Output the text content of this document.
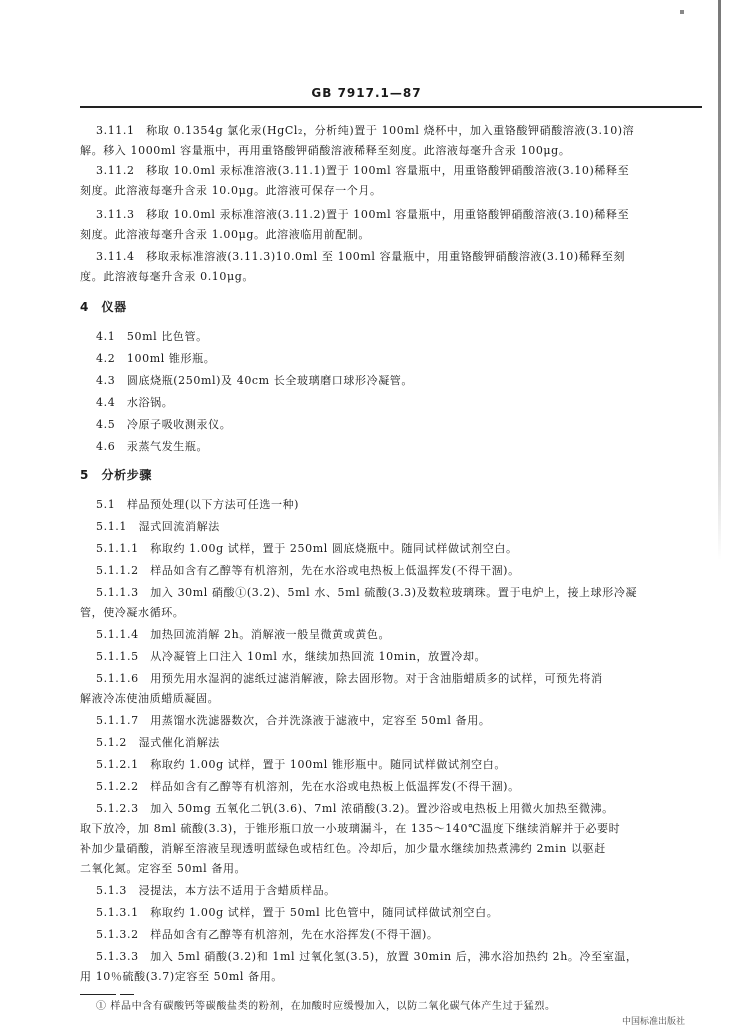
GB 7917.1—87
3.11.1　称取 0.1354g 氯化汞(HgCl₂，分析纯)置于 100ml 烧杯中，加入重铬酸钾硝酸溶液(3.10)溶
解。移入 1000ml 容量瓶中，再用重铬酸钾硝酸溶液稀释至刻度。此溶液每毫升含汞 100μg。
3.11.2　移取 10.0ml 汞标准溶液(3.11.1)置于 100ml 容量瓶中，用重铬酸钾硝酸溶液(3.10)稀释至
刻度。此溶液每毫升含汞 10.0μg。此溶液可保存一个月。
3.11.3　移取 10.0ml 汞标准溶液(3.11.2)置于 100ml 容量瓶中，用重铬酸钾硝酸溶液(3.10)稀释至
刻度。此溶液每毫升含汞 1.00μg。此溶液临用前配制。
3.11.4　移取汞标准溶液(3.11.3)10.0ml 至 100ml 容量瓶中，用重铬酸钾硝酸溶液(3.10)稀释至刻
度。此溶液每毫升含汞 0.10μg。
4　仪器
4.1　50ml 比色管。
4.2　100ml 锥形瓶。
4.3　圆底烧瓶(250ml)及 40cm 长全玻璃磨口球形冷凝管。
4.4　水浴锅。
4.5　冷原子吸收测汞仪。
4.6　汞蒸气发生瓶。
5　分析步骤
5.1　样品预处理(以下方法可任选一种)
5.1.1　湿式回流消解法
5.1.1.1　称取约 1.00g 试样，置于 250ml 圆底烧瓶中。随同试样做试剂空白。
5.1.1.2　样品如含有乙醇等有机溶剂，先在水浴或电热板上低温挥发(不得干涸)。
5.1.1.3　加入 30ml 硝酸①(3.2)、5ml 水、5ml 硫酸(3.3)及数粒玻璃珠。置于电炉上，接上球形冷凝
管，使冷凝水循环。
5.1.1.4　加热回流消解 2h。消解液一般呈微黄或黄色。
5.1.1.5　从冷凝管上口注入 10ml 水，继续加热回流 10min，放置冷却。
5.1.1.6　用预先用水湿润的滤纸过滤消解液，除去固形物。对于含油脂蜡质多的试样，可预先将消
解液冷冻使油质蜡质凝固。
5.1.1.7　用蒸馏水洗滤器数次，合并洗涤液于滤液中，定容至 50ml 备用。
5.1.2　湿式催化消解法
5.1.2.1　称取约 1.00g 试样，置于 100ml 锥形瓶中。随同试样做试剂空白。
5.1.2.2　样品如含有乙醇等有机溶剂，先在水浴或电热板上低温挥发(不得干涸)。
5.1.2.3　加入 50mg 五氧化二钒(3.6)、7ml 浓硝酸(3.2)。置沙浴或电热板上用微火加热至微沸。
取下放冷，加 8ml 硫酸(3.3)，于锥形瓶口放一小玻璃漏斗，在 135～140℃温度下继续消解并于必要时
补加少量硝酸，消解至溶液呈现透明蓝绿色或桔红色。冷却后，加少量水继续加热煮沸约 2min 以驱赶
二氧化氮。定容至 50ml 备用。
5.1.3　浸提法，本方法不适用于含蜡质样品。
5.1.3.1　称取约 1.00g 试样，置于 50ml 比色管中，随同试样做试剂空白。
5.1.3.2　样品如含有乙醇等有机溶剂，先在水浴挥发(不得干涸)。
5.1.3.3　加入 5ml 硝酸(3.2)和 1ml 过氧化氢(3.5)，放置 30min 后，沸水浴加热约 2h。冷至室温，
用 10％硫酸(3.7)定容至 50ml 备用。
① 样品中含有碳酸钙等碳酸盐类的粉剂，在加酸时应缓慢加入，以防二氧化碳气体产生过于猛烈。
中国标准出版社
